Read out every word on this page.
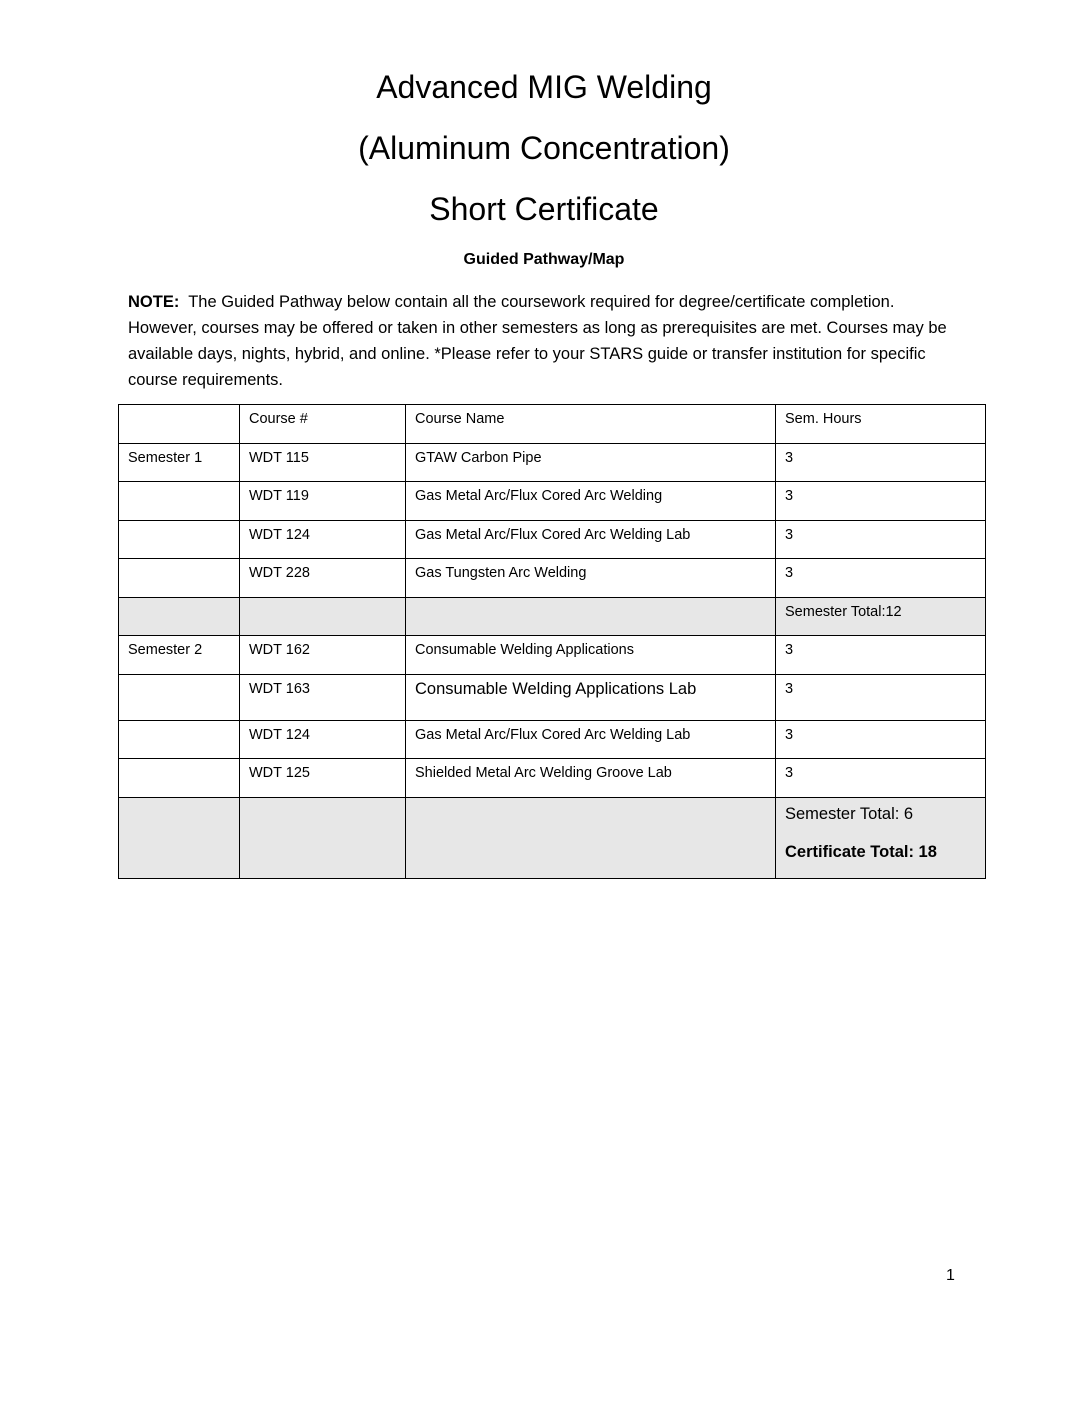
Advanced MIG Welding
(Aluminum Concentration)
Short Certificate
Guided Pathway/Map

NOTE: The Guided Pathway below contain all the coursework required for degree/certificate completion. However, courses may be offered or taken in other semesters as long as prerequisites are met. Courses may be available days, nights, hybrid, and online. *Please refer to your STARS guide or transfer institution for specific course requirements.

	Course #	Course Name	Sem. Hours
Semester 1	WDT 115	GTAW Carbon Pipe	3
	WDT 119	Gas Metal Arc/Flux Cored Arc Welding	3
	WDT 124	Gas Metal Arc/Flux Cored Arc Welding Lab	3
	WDT 228	Gas Tungsten Arc Welding	3
			Semester Total:12
Semester 2	WDT 162	Consumable Welding Applications	3
	WDT 163	Consumable Welding Applications Lab	3
	WDT 124	Gas Metal Arc/Flux Cored Arc Welding Lab	3
	WDT 125	Shielded Metal Arc Welding Groove Lab	3

			Semester Total: 6
Certificate Total: 18
1
